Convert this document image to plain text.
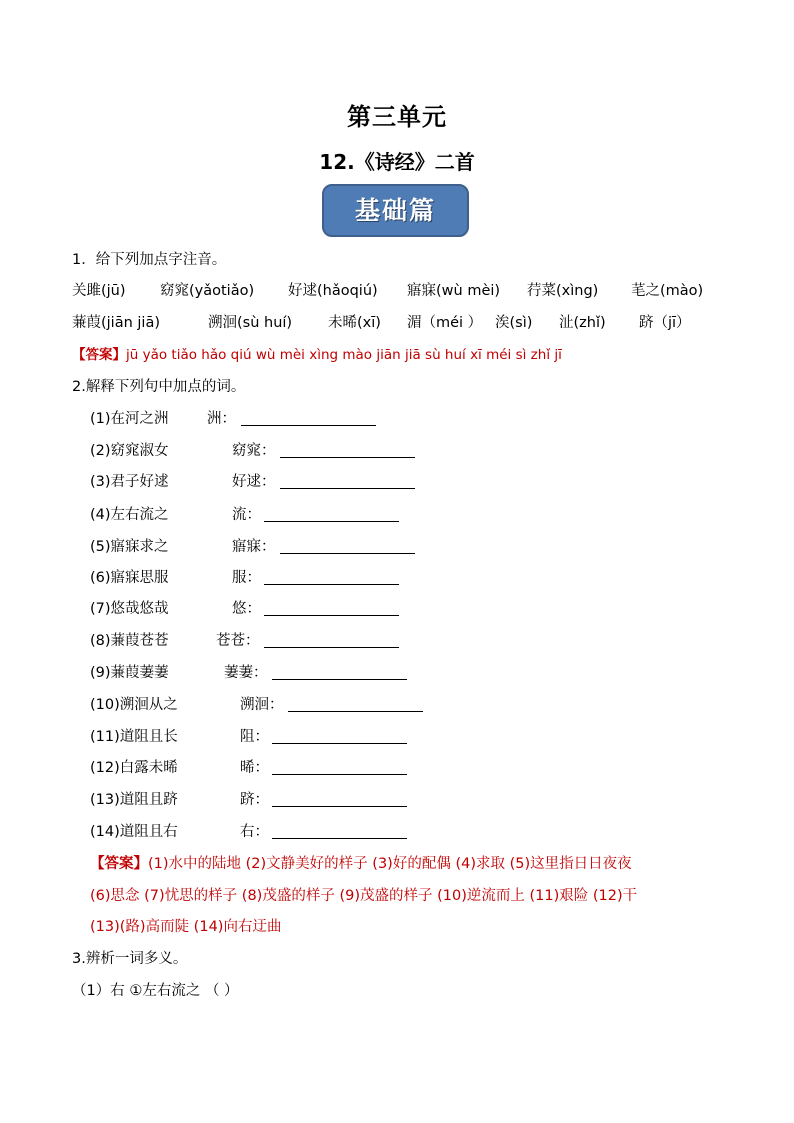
第三单元
12.《诗经》二首
基础篇
1．给下列加点字注音。
关雎(jū) 窈窕(yǎotiǎo) 好逑(hǎoqiú) 寤寐(wù mèi) 荇菜(xìng) 芼之(mào)
蒹葭(jiān jiā)	溯洄(sù huí) 未晞(xī) 湄（méi ） 涘(sì) 沚(zhǐ) 跻（jī）
【答案】jū yǎo tiǎo hǎo qiú wù mèi xìng mào jiān jiā sù huí xī méi sì zhǐ jī
2.解释下列句中加点的词。
(1)在河之洲	洲：
(2)窈窕淑女	窈窕：
(3)君子好逑	好逑：
(4)左右流之	流：
(5)寤寐求之	寤寐：
(6)寤寐思服	服：
(7)悠哉悠哉	悠：
(8)蒹葭苍苍	苍苍：
(9)蒹葭萋萋	萋萋：
(10)溯洄从之	溯洄：
(11)道阻且长	阻：
(12)白露未晞	晞：
(13)道阻且跻	跻：
(14)道阻且右	右：
【答案】(1)水中的陆地 (2)文静美好的样子 (3)好的配偶 (4)求取 (5)这里指日日夜夜
(6)思念 (7)忧思的样子 (8)茂盛的样子 (9)茂盛的样子 (10)逆流而上 (11)艰险 (12)干
(13)(路)高而陡 (14)向右迂曲
3.辨析一词多义。
（1）右 ①左右流之 （ ）
